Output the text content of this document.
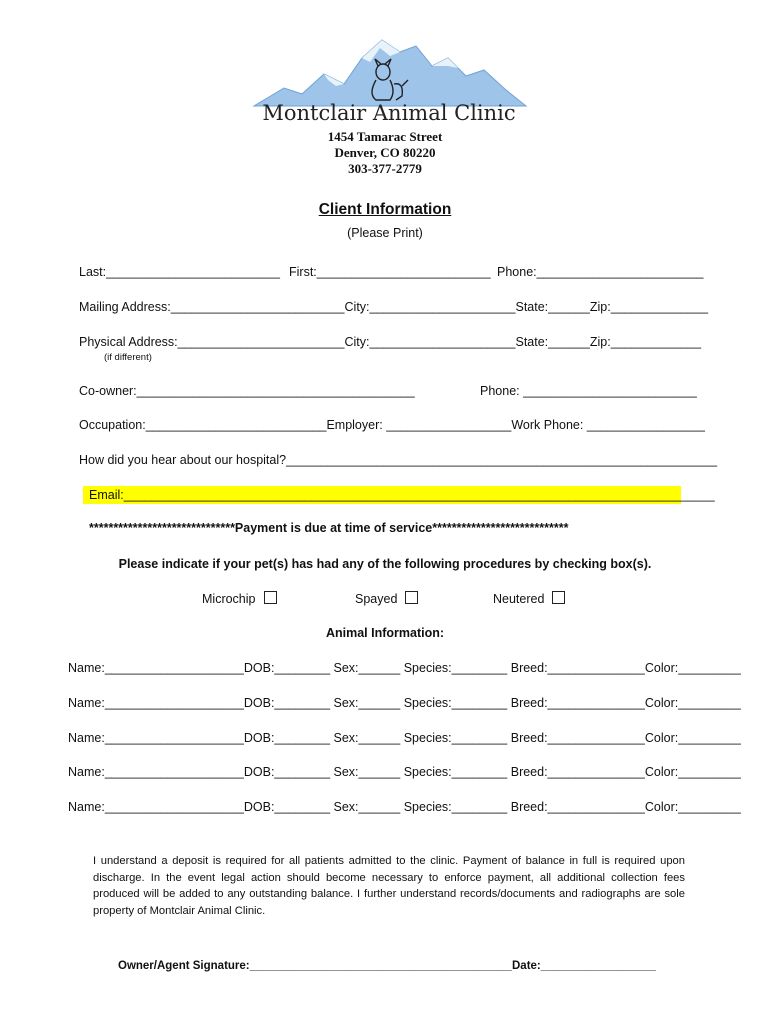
Montclair Animal Clinic
1454 Tamarac Street
Denver, CO 80220
303-377-2779
Client Information
(Please Print)
Last:_________________________ First:_________________________ Phone:________________________
Mailing Address:_________________________City:_____________________State:______Zip:______________
Physical Address:________________________City:_____________________State:______Zip:_____________
(if different)
Co-owner:________________________________________	Phone: _________________________
Occupation:__________________________Employer: __________________Work Phone: _________________
How did you hear about our hospital?______________________________________________________________
Email:_____________________________________________________________________________________
******************************Payment is due at time of service****************************
Please indicate if your pet(s) has had any of the following procedures by checking box(s).
Microchip	Spayed	Neutered
Animal Information:
Name:____________________DOB:________ Sex:______ Species:________ Breed:______________Color:_________
Name:____________________DOB:________ Sex:______ Species:________ Breed:______________Color:_________
Name:____________________DOB:________ Sex:______ Species:________ Breed:______________Color:_________
Name:____________________DOB:________ Sex:______ Species:________ Breed:______________Color:_________
Name:____________________DOB:________ Sex:______ Species:________ Breed:______________Color:_________
I understand a deposit is required for all patients admitted to the clinic. Payment of balance in full is required upon discharge. In the event legal action should become necessary to enforce payment, all additional collection fees produced will be added to any outstanding balance. I further understand records/documents and radiographs are sole property of Montclair Animal Clinic.
Owner/Agent Signature:_________________________________________ Date:__________________
